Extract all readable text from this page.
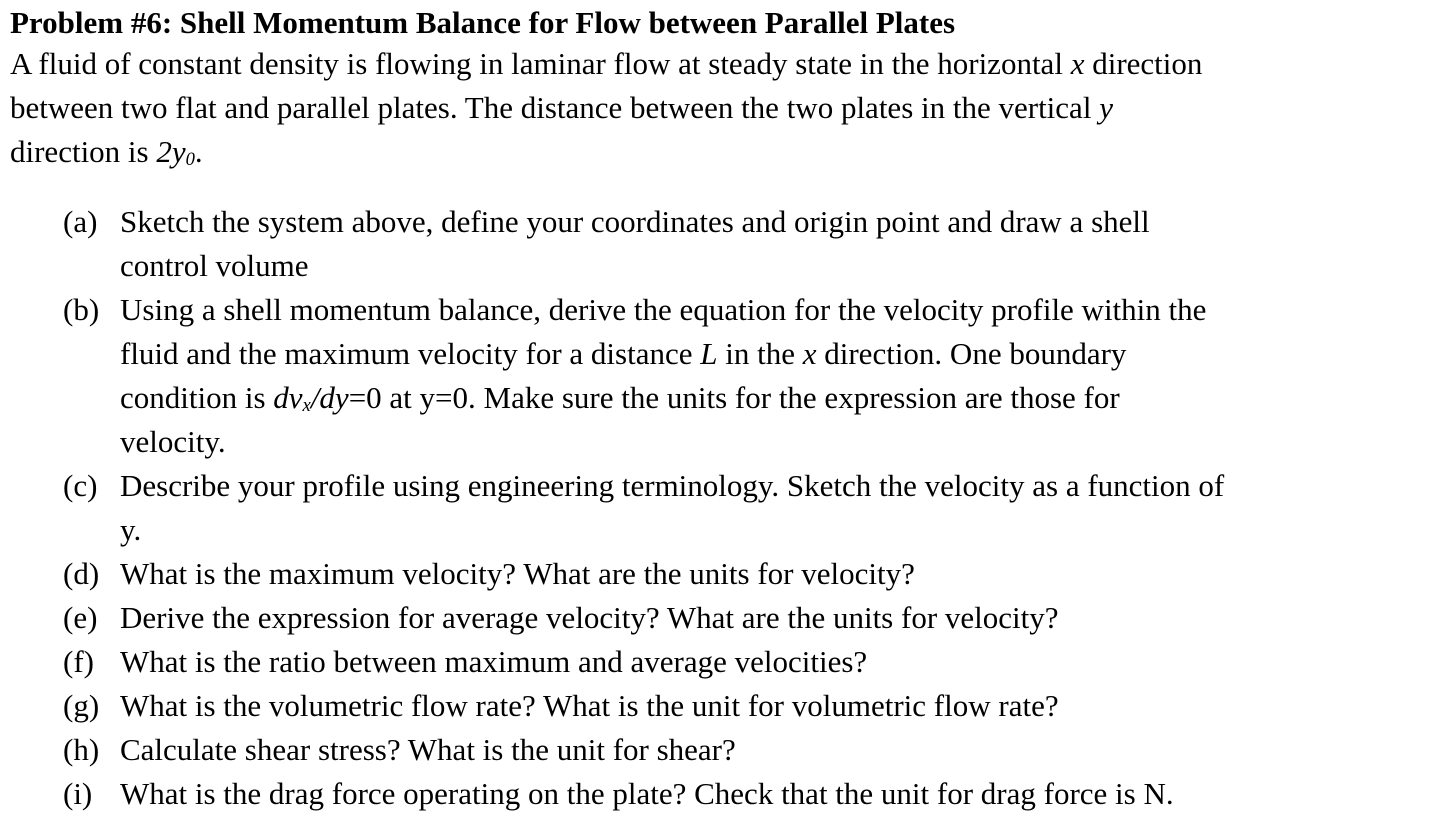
Problem #6: Shell Momentum Balance for Flow between Parallel Plates

A fluid of constant density is flowing in laminar flow at steady state in the horizontal x direction
between two flat and parallel plates. The distance between the two plates in the vertical y
direction is $2y_0$.

(a) Sketch the system above, define your coordinates and origin point and draw a shell
control volume
(b) Using a shell momentum balance, derive the equation for the velocity profile within the
fluid and the maximum velocity for a distance L in the x direction. One boundary
condition is $dv_x/dy=0$ at y=0. Make sure the units for the expression are those for
velocity.
(c) Describe your profile using engineering terminology. Sketch the velocity as a function of
y.
(d) What is the maximum velocity? What are the units for velocity?
(e) Derive the expression for average velocity? What are the units for velocity?
(f) What is the ratio between maximum and average velocities?
(g) What is the volumetric flow rate? What is the unit for volumetric flow rate?
(h) Calculate shear stress? What is the unit for shear?
(i) What is the drag force operating on the plate? Check that the unit for drag force is N.
